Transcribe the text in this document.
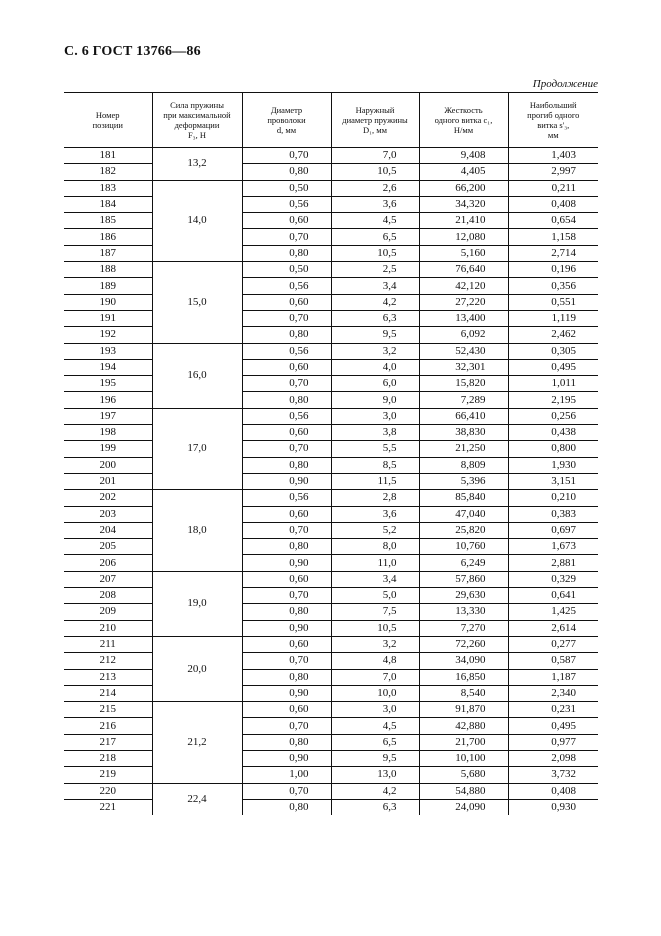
С. 6 ГОСТ 13766—86
Продолжение
Номер
позиции	Сила пружины
при максимальной
деформации
F₃, Н	Диаметр
проволоки
d, мм	Наружный
диаметр пружины
D₁, мм	Жесткость
одного витка c₁,
Н/мм	Наибольший
прогиб одного
витка s'₃,
мм

181	13,2	0,70	7,0	9,408	1,403
182		0,80	10,5	4,405	2,997
183	14,0	0,50	2,6	66,200	0,211
184		0,56	3,6	34,320	0,408
185		0,60	4,5	21,410	0,654
186		0,70	6,5	12,080	1,158
187		0,80	10,5	5,160	2,714
188	15,0	0,50	2,5	76,640	0,196
189		0,56	3,4	42,120	0,356
190		0,60	4,2	27,220	0,551
191		0,70	6,3	13,400	1,119
192		0,80	9,5	6,092	2,462
193	16,0	0,56	3,2	52,430	0,305
194		0,60	4,0	32,301	0,495
195		0,70	6,0	15,820	1,011
196		0,80	9,0	7,289	2,195
197	17,0	0,56	3,0	66,410	0,256
198		0,60	3,8	38,830	0,438
199		0,70	5,5	21,250	0,800
200		0,80	8,5	8,809	1,930
201		0,90	11,5	5,396	3,151
202	18,0	0,56	2,8	85,840	0,210
203		0,60	3,6	47,040	0,383
204		0,70	5,2	25,820	0,697
205		0,80	8,0	10,760	1,673
206		0,90	11,0	6,249	2,881
207	19,0	0,60	3,4	57,860	0,329
208		0,70	5,0	29,630	0,641
209		0,80	7,5	13,330	1,425
210		0,90	10,5	7,270	2,614
211	20,0	0,60	3,2	72,260	0,277
212		0,70	4,8	34,090	0,587
213		0,80	7,0	16,850	1,187
214		0,90	10,0	8,540	2,340
215	21,2	0,60	3,0	91,870	0,231
216		0,70	4,5	42,880	0,495
217		0,80	6,5	21,700	0,977
218		0,90	9,5	10,100	2,098
219		1,00	13,0	5,680	3,732
220	22,4	0,70	4,2	54,880	0,408
221		0,80	6,3	24,090	0,930
